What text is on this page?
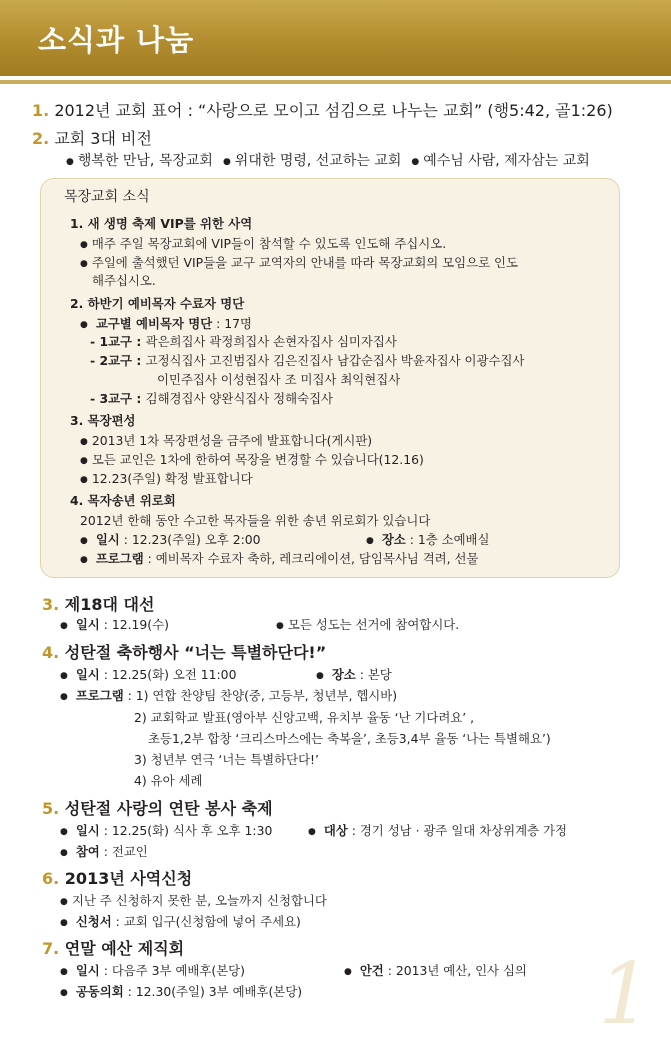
소식과 나눔
1. 2012년 교회 표어 : “사랑으로 모이고 섬김으로 나누는 교회” (행5:42, 골1:26)
2. 교회 3대 비전
● 행복한 만남, 목장교회	● 위대한 명령, 선교하는 교회	● 예수님 사람, 제자삼는 교회
목장교회 소식
1. 새 생명 축제 VIP를 위한 사역
● 매주 주일 목장교회에 VIP들이 참석할 수 있도록 인도해 주십시오.
● 주일에 출석했던 VIP들을 교구 교역자의 안내를 따라 목장교회의 모임으로 인도
해주십시오.
2. 하반기 예비목자 수료자 명단
● 교구별 예비목자 명단 : 17명
- 1교구 : 곽은희집사 곽정희집사 손현자집사 심미자집사
- 2교구 : 고정식집사 고진범집사 김은진집사 남갑순집사 박윤자집사 이광수집사
이민주집사 이성현집사 조 미집사 최익현집사
- 3교구 : 김해경집사 양완식집사 정해숙집사
3. 목장편성
● 2013년 1차 목장편성을 금주에 발표합니다(게시판)
● 모든 교인은 1차에 한하여 목장을 변경할 수 있습니다(12.16)
● 12.23(주일) 확정 발표합니다
4. 목자송년 위로회
2012년 한해 동안 수고한 목자들을 위한 송년 위로회가 있습니다
● 일시 : 12.23(주일) 오후 2:00	● 장소 : 1층 소예배실
● 프로그램 : 예비목자 수료자 축하, 레크리에이션, 담임목사님 격려, 선물
3. 제18대 대선
● 일시 : 12.19(수)	● 모든 성도는 선거에 참여합시다.
4. 성탄절 축하행사 “너는 특별하단다!”
● 일시 : 12.25(화) 오전 11:00	● 장소 : 본당
● 프로그램 : 1) 연합 찬양팀 찬양(중, 고등부, 청년부, 헵시바)
2) 교회학교 발표(영아부 신앙고백, 유치부 율동 ‘난 기다려요’ ,
초등1,2부 합창 ‘크리스마스에는 축복을’, 초등3,4부 율동 ‘나는 특별해요’)
3) 청년부 연극 ‘너는 특별하단다!’
4) 유아 세례
5. 성탄절 사랑의 연탄 봉사 축제
● 일시 : 12.25(화) 식사 후 오후 1:30	● 대상 : 경기 성남 · 광주 일대 차상위계층 가정
● 참여 : 전교인
6. 2013년 사역신청
● 지난 주 신청하지 못한 분, 오늘까지 신청합니다
● 신청서 : 교회 입구(신청함에 넣어 주세요)
7. 연말 예산 제직회
● 일시 : 다음주 3부 예배후(본당)	● 안건 : 2013년 예산, 인사 심의
● 공동의회 : 12.30(주일) 3부 예배후(본당)	1
